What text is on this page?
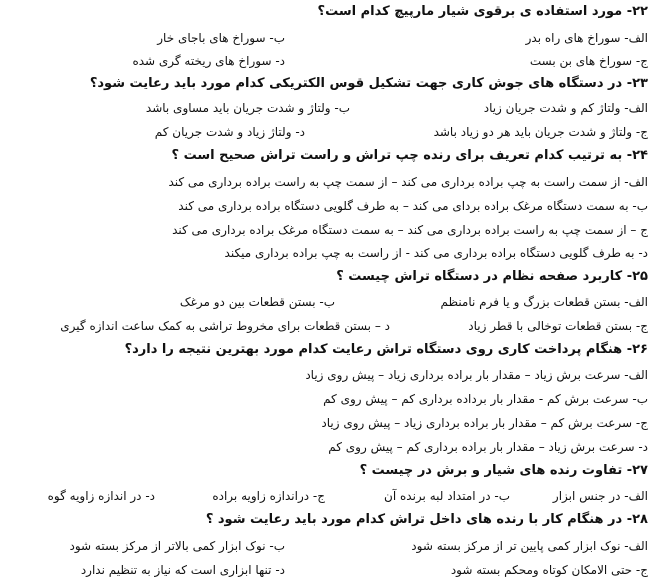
۲۲- مورد استفاده ی برقوی شیار مارپیچ کدام است؟
الف- سوراخ های راه بدر
ب- سوراخ های باجای خار
ج- سوراخ های بن بست
د- سوراخ های ریخته گری شده
۲۳- در دستگاه های جوش کاری جهت تشکیل قوس الکتریکی کدام مورد باید رعایت شود؟
الف- ولتاژ کم و شدت جریان زیاد
ب- ولتاژ و شدت جریان باید مساوی باشد
ج- ولتاژ و شدت جریان باید هر دو زیاد باشد
د- ولتاژ زیاد و شدت جریان کم
۲۴- به ترتیب کدام تعریف برای رنده چپ تراش و راست تراش صحیح است ؟
الف- از سمت راست به چپ براده برداری می کند – از سمت چپ به راست براده برداری می کند
ب- به سمت دستگاه مرغک براده بردای می کند – به طرف گلویی دستگاه براده برداری می کند
ج – از سمت چپ به راست براده برداری می کند – به سمت دستگاه مرغک براده برداری می کند
د- به طرف گلویی دستگاه براده برداری می کند - از راست به چپ براده برداری میکند
۲۵- کاربرد صفحه نظام در دستگاه تراش چیست ؟
الف- بستن قطعات بزرگ و یا فرم نامنظم
ب- بستن قطعات بین دو مرغک
ج- بستن قطعات توخالی با قطر زیاد
د – بستن قطعات برای مخروط تراشی به کمک ساعت اندازه گیری
۲۶- هنگام پرداخت کاری روی دستگاه تراش رعایت کدام مورد بهترین نتیجه را دارد؟
الف- سرعت برش زیاد – مقدار بار براده برداری زیاد – پیش روی زیاد
ب- سرعت برش کم - مقدار بار برداده برداری کم – پیش روی کم
ج- سرعت برش کم – مقدار بار براده برداری زیاد – پیش روی زیاد
د- سرعت برش زیاد – مقدار بار براده برداری کم – پیش روی کم
۲۷- تفاوت رنده های شیار و برش در چیست ؟
الف- در جنس ابزار
ب- در امتداد لبه برنده آن
ج- دراندازه زاویه براده
د- در اندازه زاویه گوه
۲۸- در هنگام کار با رنده های داخل تراش کدام مورد باید رعایت شود ؟
الف- نوک ابزار کمی پایین تر از مرکز بسته شود
ب- نوک ابزار کمی بالاتر از مرکز بسته شود
ج- حتی الامکان کوتاه ومحکم بسته شود
د- تنها ابزاری است که نیاز به تنظیم ندارد
